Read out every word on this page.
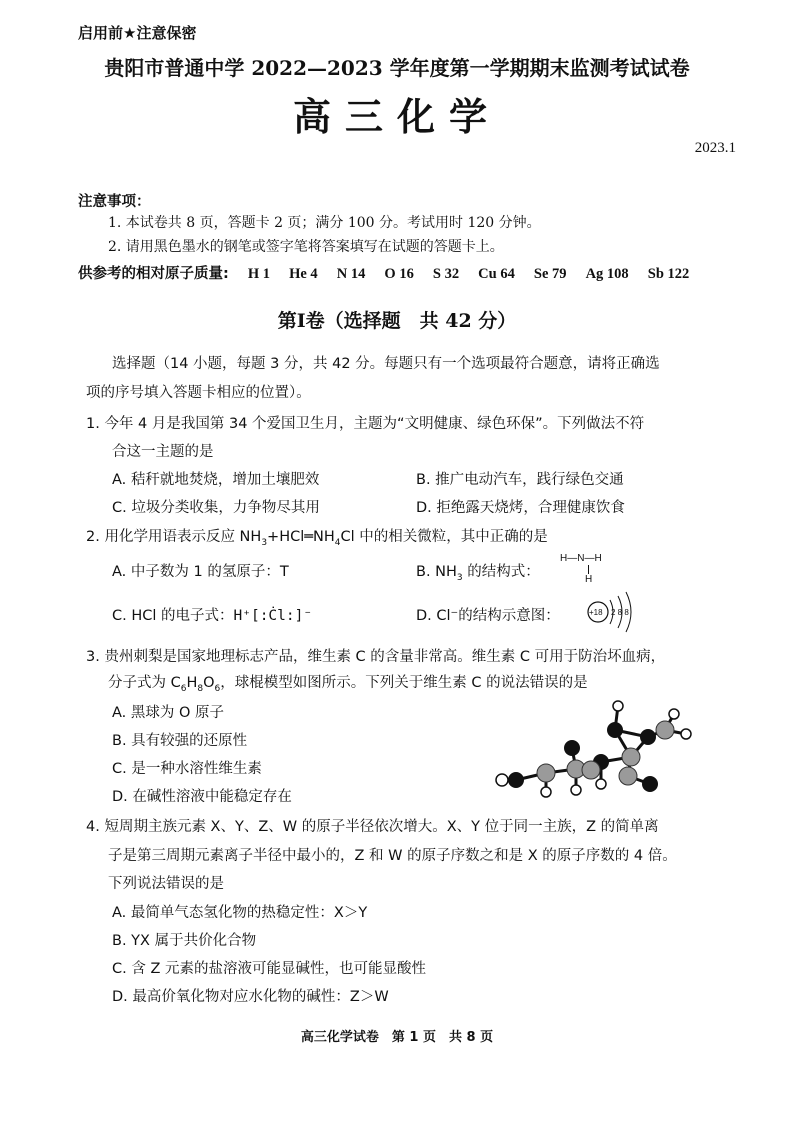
启用前★注意保密
贵阳市普通中学 2022—2023 学年度第一学期期末监测考试试卷
高三化学
2023.1
注意事项：
1. 本试卷共 8 页，答题卡 2 页；满分 100 分。考试用时 120 分钟。
2. 请用黑色墨水的钢笔或签字笔将答案填写在试题的答题卡上。
供参考的相对原子质量: H 1 He 4 N 14 O 16 S 32 Cu 64 Se 79 Ag 108 Sb 122
第Ⅰ卷（选择题　共 42 分）
选择题（14 小题，每题 3 分，共 42 分。每题只有一个选项最符合题意，请将正确选
项的序号填入答题卡相应的位置）。
1. 今年 4 月是我国第 34 个爱国卫生月，主题为“文明健康、绿色环保”。下列做法不符
合这一主题的是
A. 秸秆就地焚烧，增加土壤肥效	B. 推广电动汽车，践行绿色交通
C. 垃圾分类收集，力争物尽其用	D. 拒绝露天烧烤，合理健康饮食
2. 用化学用语表示反应 $NH_3+HCl═NH_4Cl$ 中的相关微粒，其中正确的是
A. 中子数为 1 的氢原子：T	B. $NH_3$ 的结构式：
H—N—H
H
C. HCl 的电子式：H⁺[:Ċl:]⁻	D. Cl⁻的结构示意图：	+18 2 8 8
3. 贵州刺梨是国家地理标志产品，维生素 C 的含量非常高。维生素 C 可用于防治坏血病，
分子式为 $C_6H_8O_6$，球棍模型如图所示。下列关于维生素 C 的说法错误的是
A. 黑球为 O 原子
B. 具有较强的还原性
C. 是一种水溶性维生素
D. 在碱性溶液中能稳定存在
4. 短周期主族元素 X、Y、Z、W 的原子半径依次增大。X、Y 位于同一主族，Z 的简单离
子是第三周期元素离子半径中最小的，Z 和 W 的原子序数之和是 X 的原子序数的 4 倍。
下列说法错误的是
A. 最简单气态氢化物的热稳定性：X＞Y
B. YX 属于共价化合物
C. 含 Z 元素的盐溶液可能显碱性，也可能显酸性
D. 最高价氧化物对应水化物的碱性：Z＞W
高三化学试卷　第 1 页　共 8 页
